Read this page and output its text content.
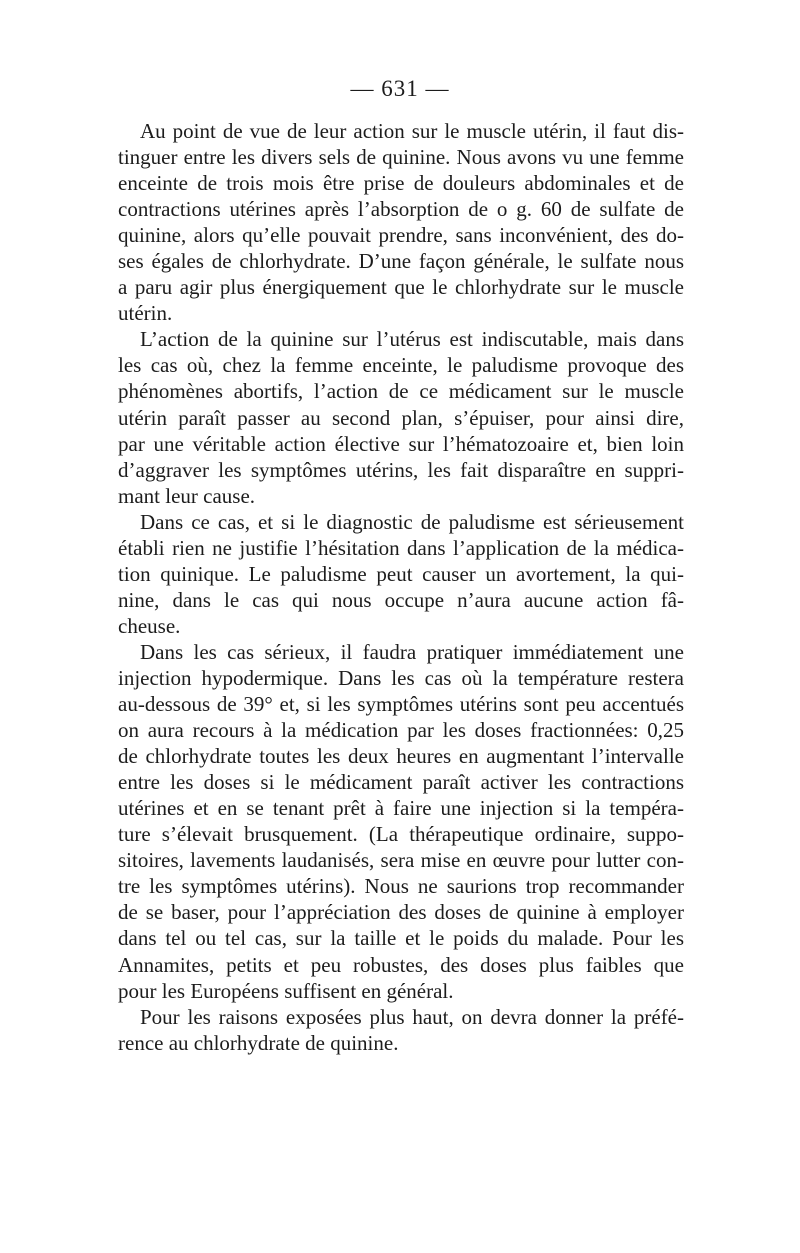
— 631 —
Au point de vue de leur action sur le muscle utérin, il faut dis-
tinguer entre les divers sels de quinine. Nous avons vu une femme
enceinte de trois mois être prise de douleurs abdominales et de
contractions utérines après l’absorption de o g. 60 de sulfate de
quinine, alors qu’elle pouvait prendre, sans inconvénient, des do-
ses égales de chlorhydrate. D’une façon générale, le sulfate nous
a paru agir plus énergiquement que le chlorhydrate sur le muscle
utérin.
L’action de la quinine sur l’utérus est indiscutable, mais dans
les cas où, chez la femme enceinte, le paludisme provoque des
phénomènes abortifs, l’action de ce médicament sur le muscle
utérin paraît passer au second plan, s’épuiser, pour ainsi dire,
par une véritable action élective sur l’hématozoaire et, bien loin
d’aggraver les symptômes utérins, les fait disparaître en suppri-
mant leur cause.
Dans ce cas, et si le diagnostic de paludisme est sérieusement
établi rien ne justifie l’hésitation dans l’application de la médica-
tion quinique. Le paludisme peut causer un avortement, la qui-
nine, dans le cas qui nous occupe n’aura aucune action fâ-
cheuse.
Dans les cas sérieux, il faudra pratiquer immédiatement une
injection hypodermique. Dans les cas où la température restera
au-dessous de 39° et, si les symptômes utérins sont peu accentués
on aura recours à la médication par les doses fractionnées: 0,25
de chlorhydrate toutes les deux heures en augmentant l’intervalle
entre les doses si le médicament paraît activer les contractions
utérines et en se tenant prêt à faire une injection si la tempéra-
ture s’élevait brusquement. (La thérapeutique ordinaire, suppo-
sitoires, lavements laudanisés, sera mise en œuvre pour lutter con-
tre les symptômes utérins). Nous ne saurions trop recommander
de se baser, pour l’appréciation des doses de quinine à employer
dans tel ou tel cas, sur la taille et le poids du malade. Pour les
Annamites, petits et peu robustes, des doses plus faibles que
pour les Européens suffisent en général.
Pour les raisons exposées plus haut, on devra donner la préfé-
rence au chlorhydrate de quinine.
